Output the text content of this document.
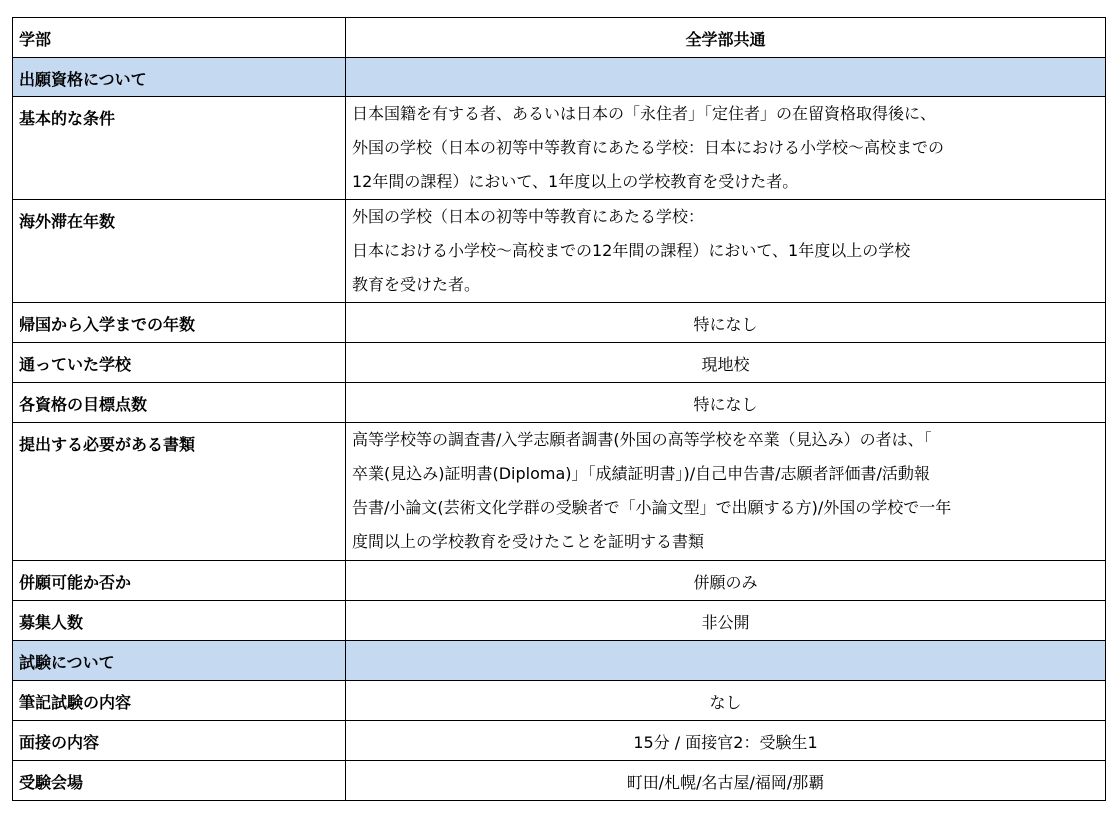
学部	全学部共通
出願資格について	
基本的な条件	日本国籍を有する者、あるいは日本の「永住者」「定住者」の在留資格取得後に、
外国の学校（日本の初等中等教育にあたる学校：日本における小学校〜高校までの
12年間の課程）において、1年度以上の学校教育を受けた者。

海外滞在年数	外国の学校（日本の初等中等教育にあたる学校：
日本における小学校〜高校までの12年間の課程）において、1年度以上の学校
教育を受けた者。

帰国から入学までの年数	特になし
通っていた学校	現地校
各資格の目標点数	特になし
提出する必要がある書類	高等学校等の調査書/入学志願者調書(外国の高等学校を卒業（見込み）の者は、「
卒業(見込み)証明書(Diploma)」「成績証明書」)/自己申告書/志願者評価書/活動報
告書/小論文(芸術文化学群の受験者で「小論文型」で出願する方)/外国の学校で一年
度間以上の学校教育を受けたことを証明する書類

併願可能か否か	併願のみ
募集人数	非公開
試験について	
筆記試験の内容	なし
面接の内容	15分 / 面接官2：受験生1
受験会場	町田/札幌/名古屋/福岡/那覇
